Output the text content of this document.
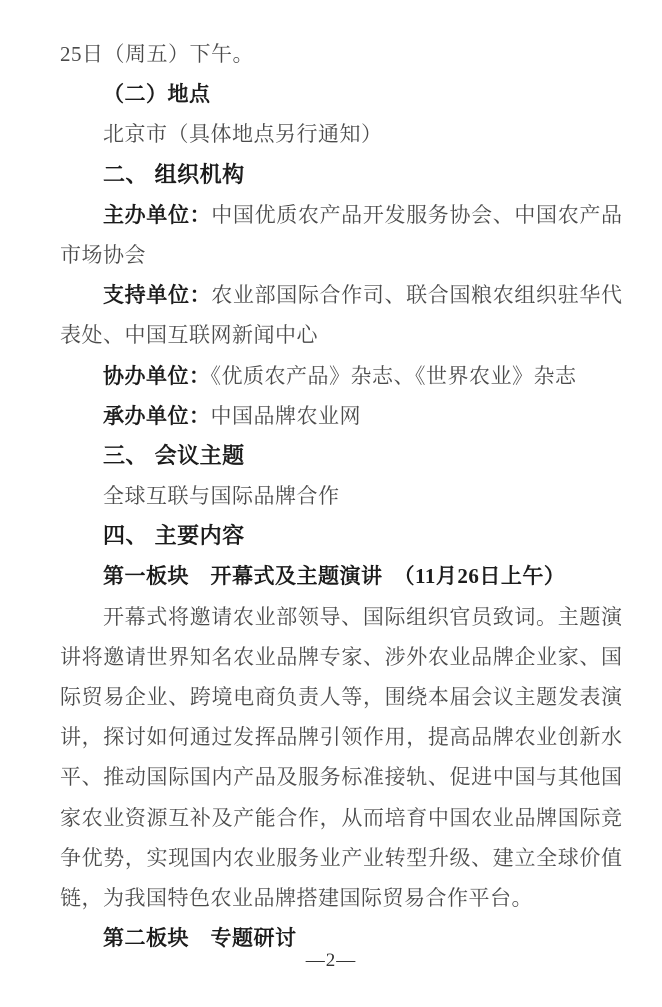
25日（周五）下午。
（二）地点
北京市（具体地点另行通知）
二、 组织机构
主办单位：中国优质农产品开发服务协会、中国农产品
市场协会
支持单位：农业部国际合作司、联合国粮农组织驻华代
表处、中国互联网新闻中心
协办单位：《优质农产品》杂志、《世界农业》杂志
承办单位：中国品牌农业网
三、 会议主题
全球互联与国际品牌合作
四、 主要内容
第一板块　开幕式及主题演讲　（11月26日上午）
开幕式将邀请农业部领导、国际组织官员致词。主题演
讲将邀请世界知名农业品牌专家、涉外农业品牌企业家、国
际贸易企业、跨境电商负责人等，围绕本届会议主题发表演
讲，探讨如何通过发挥品牌引领作用，提高品牌农业创新水
平、推动国际国内产品及服务标准接轨、促进中国与其他国
家农业资源互补及产能合作，从而培育中国农业品牌国际竞
争优势，实现国内农业服务业产业转型升级、建立全球价值
链，为我国特色农业品牌搭建国际贸易合作平台。
第二板块　专题研讨
—2—
